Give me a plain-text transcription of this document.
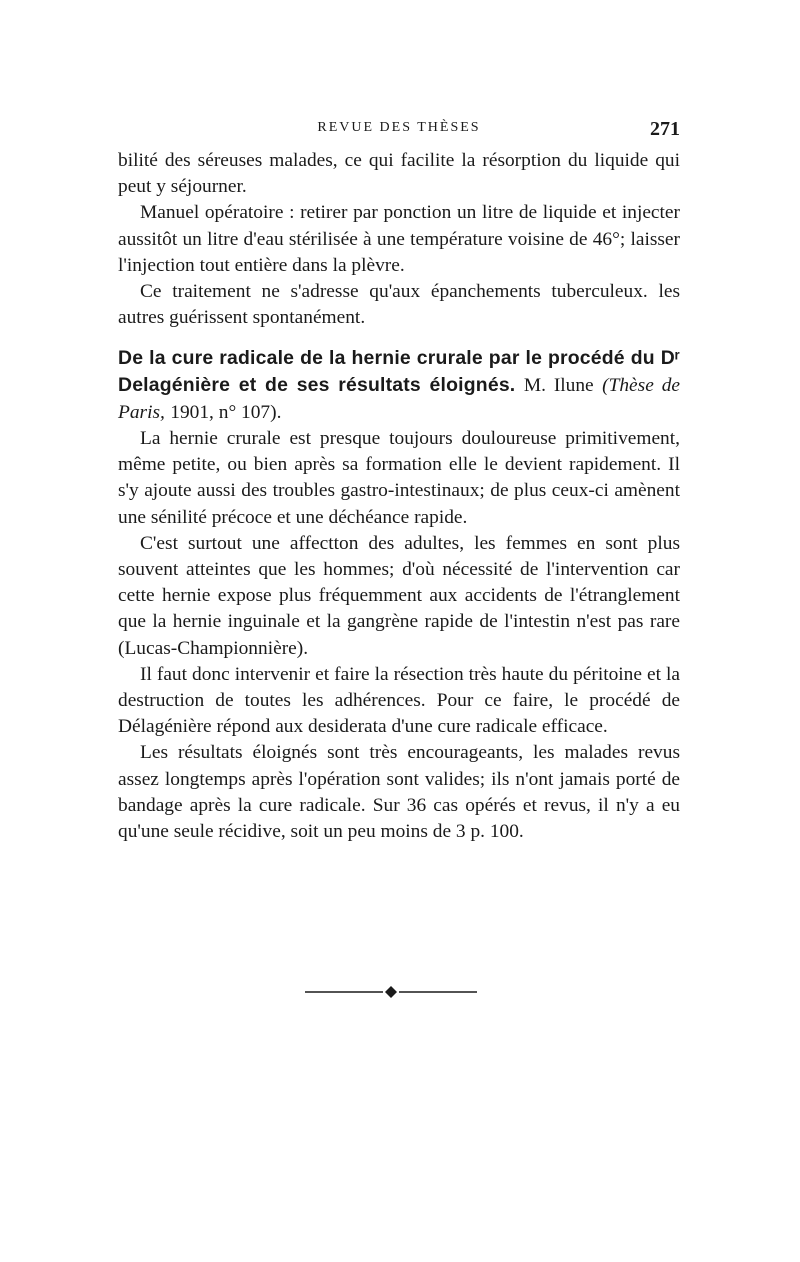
REVUE DES THÈSES	271

bilité des séreuses malades, ce qui facilite la résorption du liquide qui peut y séjourner.

Manuel opératoire : retirer par ponction un litre de liquide et injecter aussitôt un litre d'eau stérilisée à une température voisine de 46°; laisser l'injection tout entière dans la plèvre.

Ce traitement ne s'adresse qu'aux épanchements tuberculeux. les autres guérissent spontanément.

De la cure radicale de la hernie crurale par le procédé du Dʳ Delagénière et de ses résultats éloignés. M. Ilune (Thèse de Paris, 1901, n° 107).

La hernie crurale est presque toujours douloureuse primitivement, même petite, ou bien après sa formation elle le devient rapidement. Il s'y ajoute aussi des troubles gastro-intestinaux; de plus ceux-ci amènent une sénilité précoce et une déchéance rapide.

C'est surtout une affectton des adultes, les femmes en sont plus souvent atteintes que les hommes; d'où nécessité de l'intervention car cette hernie expose plus fréquemment aux accidents de l'étranglement que la hernie inguinale et la gangrène rapide de l'intestin n'est pas rare (Lucas-Championnière).

Il faut donc intervenir et faire la résection très haute du péritoine et la destruction de toutes les adhérences. Pour ce faire, le procédé de Délagénière répond aux desiderata d'une cure radicale efficace.

Les résultats éloignés sont très encourageants, les malades revus assez longtemps après l'opération sont valides; ils n'ont jamais porté de bandage après la cure radicale. Sur 36 cas opérés et revus, il n'y a eu qu'une seule récidive, soit un peu moins de 3 p. 100.
